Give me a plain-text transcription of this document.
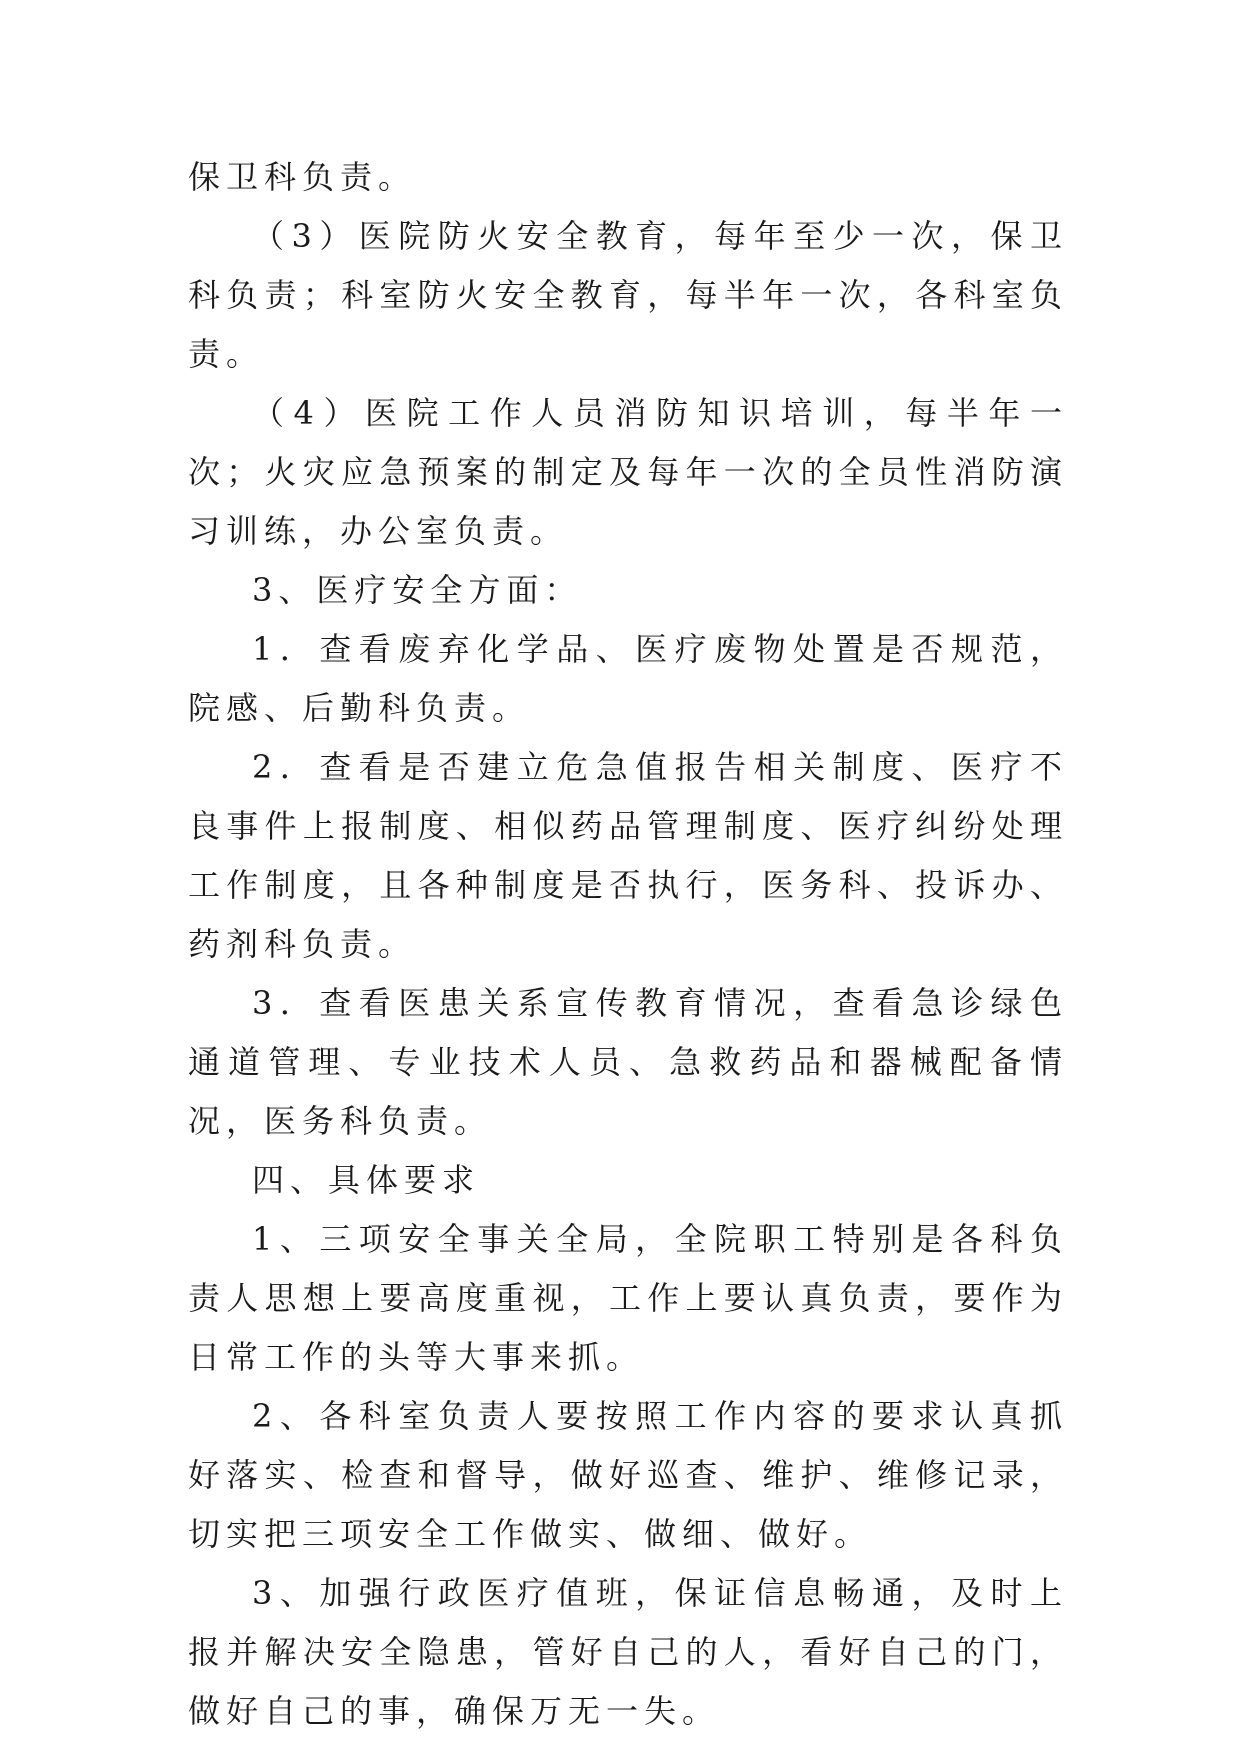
保卫科负责。

（3）医院防火安全教育，每年至少一次，保卫科负责；科室防火安全教育，每半年一次，各科室负责。

（4）医院工作人员消防知识培训，每半年一次；火灾应急预案的制定及每年一次的全员性消防演习训练，办公室负责。

3、医疗安全方面：

1．查看废弃化学品、医疗废物处置是否规范，院感、后勤科负责。

2．查看是否建立危急值报告相关制度、医疗不良事件上报制度、相似药品管理制度、医疗纠纷处理工作制度，且各种制度是否执行，医务科、投诉办、药剂科负责。

3．查看医患关系宣传教育情况，查看急诊绿色通道管理、专业技术人员、急救药品和器械配备情况，医务科负责。

四、具体要求

1、三项安全事关全局，全院职工特别是各科负责人思想上要高度重视，工作上要认真负责，要作为日常工作的头等大事来抓。

2、各科室负责人要按照工作内容的要求认真抓好落实、检查和督导，做好巡查、维护、维修记录，切实把三项安全工作做实、做细、做好。

3、加强行政医疗值班，保证信息畅通，及时上报并解决安全隐患，管好自己的人，看好自己的门，做好自己的事，确保万无一失。
